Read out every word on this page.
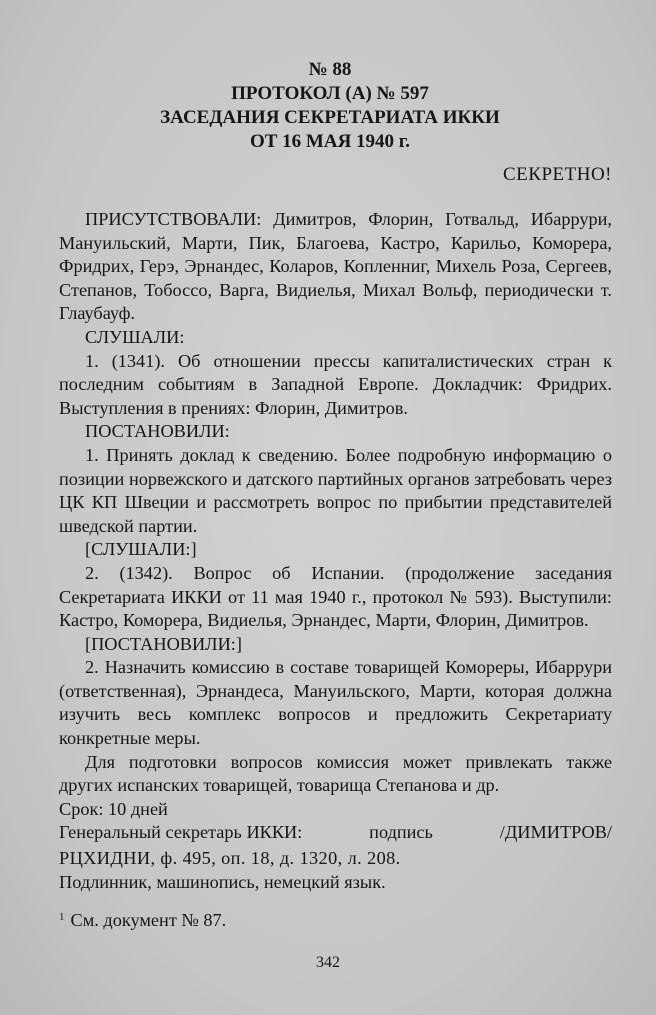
№ 88
ПРОТОКОЛ (А) № 597
ЗАСЕДАНИЯ СЕКРЕТАРИАТА ИККИ
ОТ 16 МАЯ 1940 г.
СЕКРЕТНО!

ПРИСУТСТВОВАЛИ: Димитров, Флорин, Готвальд, Ибаррури, Мануильский, Марти, Пик, Благоева, Кастро, Карильо, Коморера, Фридрих, Герэ, Эрнандес, Коларов, Копленниг, Михель Роза, Сергеев, Степанов, Тобоссо, Варга, Видиелья, Михал Вольф, периодически т. Глаубауф.

СЛУШАЛИ:

1. (1341). Об отношении прессы капиталистических стран к последним событиям в Западной Европе. Докладчик: Фридрих. Выступления в прениях: Флорин, Димитров.

ПОСТАНОВИЛИ:

1. Принять доклад к сведению. Более подробную информацию о позиции норвежского и датского партийных органов затребовать через ЦК КП Швеции и рассмотреть вопрос по прибытии представителей шведской партии.

[СЛУШАЛИ:]

2. (1342). Вопрос об Испании. (продолжение заседания Секретариата ИККИ от 11 мая 1940 г., протокол № 593). Выступили: Кастро, Коморера, Видиелья, Эрнандес, Марти, Флорин, Димитров.

[ПОСТАНОВИЛИ:]

2. Назначить комиссию в составе товарищей Комореры, Ибаррури (ответственная), Эрнандеса, Мануильского, Марти, которая должна изучить весь комплекс вопросов и предложить Секретариату конкретные меры.

Для подготовки вопросов комиссия может привлекать также других испанских товарищей, товарища Степанова и др.

Срок: 10 дней

Генеральный секретарь ИККИ:	подпись	/ДИМИТРОВ/
РЦХИДНИ, ф. 495, оп. 18, д. 1320, л. 208.
Подлинник, машинопись, немецкий язык.
$^1$ См. документ № 87.
342
